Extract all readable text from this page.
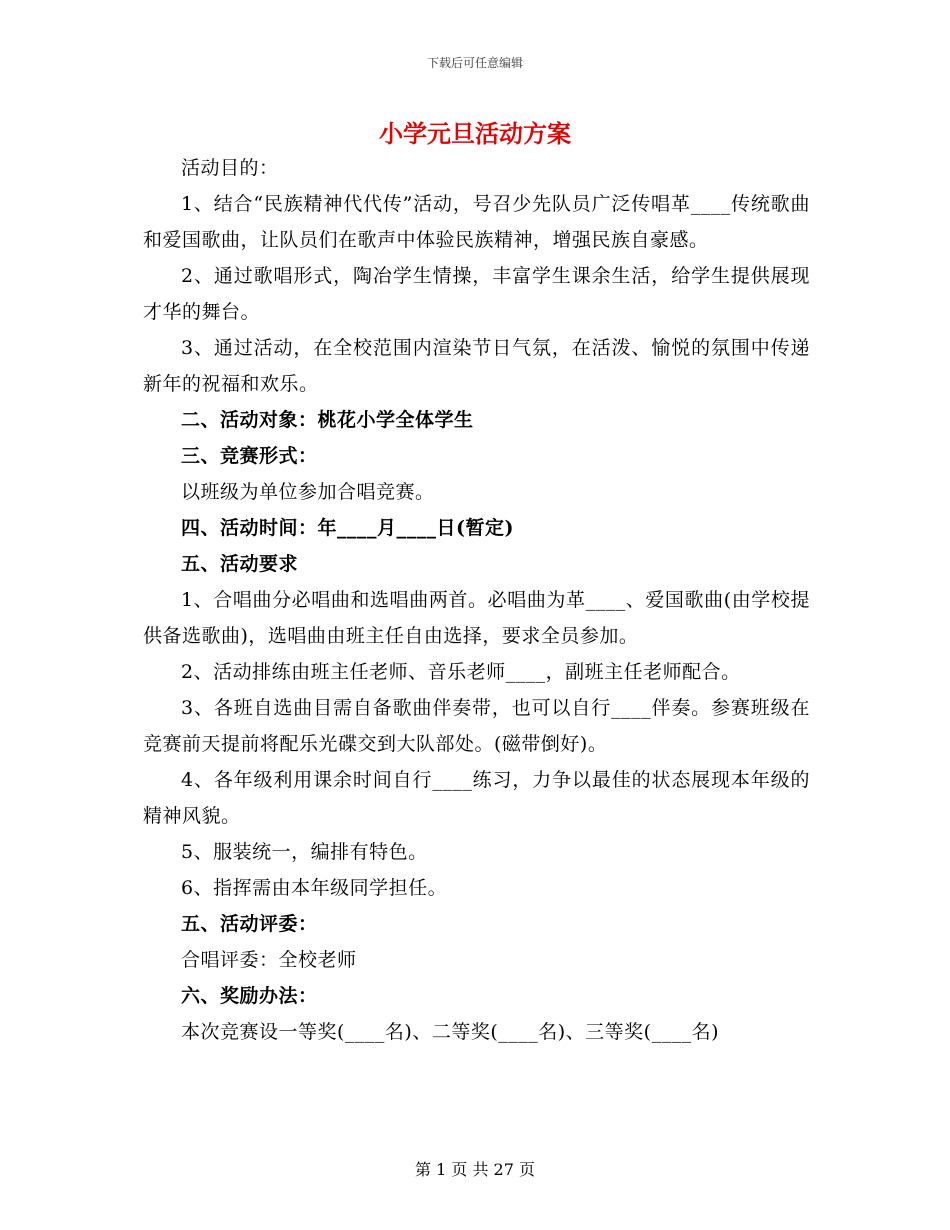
下载后可任意编辑
小学元旦活动方案

活动目的：

1、结合“民族精神代代传”活动，号召少先队员广泛传唱革____传统歌曲和爱国歌曲，让队员们在歌声中体验民族精神，增强民族自豪感。

2、通过歌唱形式，陶冶学生情操，丰富学生课余生活，给学生提供展现才华的舞台。

3、通过活动，在全校范围内渲染节日气氛，在活泼、愉悦的氛围中传递新年的祝福和欢乐。

二、活动对象：桃花小学全体学生

三、竞赛形式：

以班级为单位参加合唱竞赛。

四、活动时间：年____月____日(暂定)

五、活动要求

1、合唱曲分必唱曲和选唱曲两首。必唱曲为革____、爱国歌曲(由学校提供备选歌曲)，选唱曲由班主任自由选择，要求全员参加。

2、活动排练由班主任老师、音乐老师____，副班主任老师配合。

3、各班自选曲目需自备歌曲伴奏带，也可以自行____伴奏。参赛班级在竞赛前天提前将配乐光碟交到大队部处。(磁带倒好)。

4、各年级利用课余时间自行____练习，力争以最佳的状态展现本年级的精神风貌。

5、服装统一，编排有特色。

6、指挥需由本年级同学担任。

五、活动评委：

合唱评委：全校老师

六、奖励办法：

本次竞赛设一等奖(____名)、二等奖(____名)、三等奖(____名)

第 1 页 共 27 页
